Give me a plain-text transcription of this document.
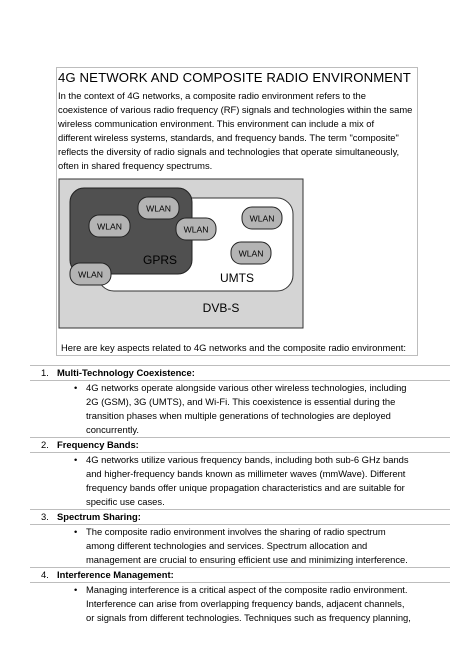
4G NETWORK AND COMPOSITE RADIO ENVIRONMENT

In the context of 4G networks, a composite radio environment refers to the
coexistence of various radio frequency (RF) signals and technologies within the same
wireless communication environment. This environment can include a mix of
different wireless systems, standards, and frequency bands. The term "composite"
reflects the diversity of radio signals and technologies that operate simultaneously,
often in shared frequency spectrums.

WLAN
WLAN	WLAN
WLAN
WLAN
WLAN
GPRS
UMTS
DVB-S
Here are key aspects related to 4G networks and the composite radio environment:
1. Multi-Technology Coexistence:
• 4G networks operate alongside various other wireless technologies, including
2G (GSM), 3G (UMTS), and Wi-Fi. This coexistence is essential during the
transition phases when multiple generations of technologies are deployed
concurrently.
2. Frequency Bands:
• 4G networks utilize various frequency bands, including both sub-6 GHz bands
and higher-frequency bands known as millimeter waves (mmWave). Different
frequency bands offer unique propagation characteristics and are suitable for
specific use cases.
3. Spectrum Sharing:
• The composite radio environment involves the sharing of radio spectrum
among different technologies and services. Spectrum allocation and
management are crucial to ensuring efficient use and minimizing interference.
4. Interference Management:
• Managing interference is a critical aspect of the composite radio environment.
Interference can arise from overlapping frequency bands, adjacent channels,
or signals from different technologies. Techniques such as frequency planning,
